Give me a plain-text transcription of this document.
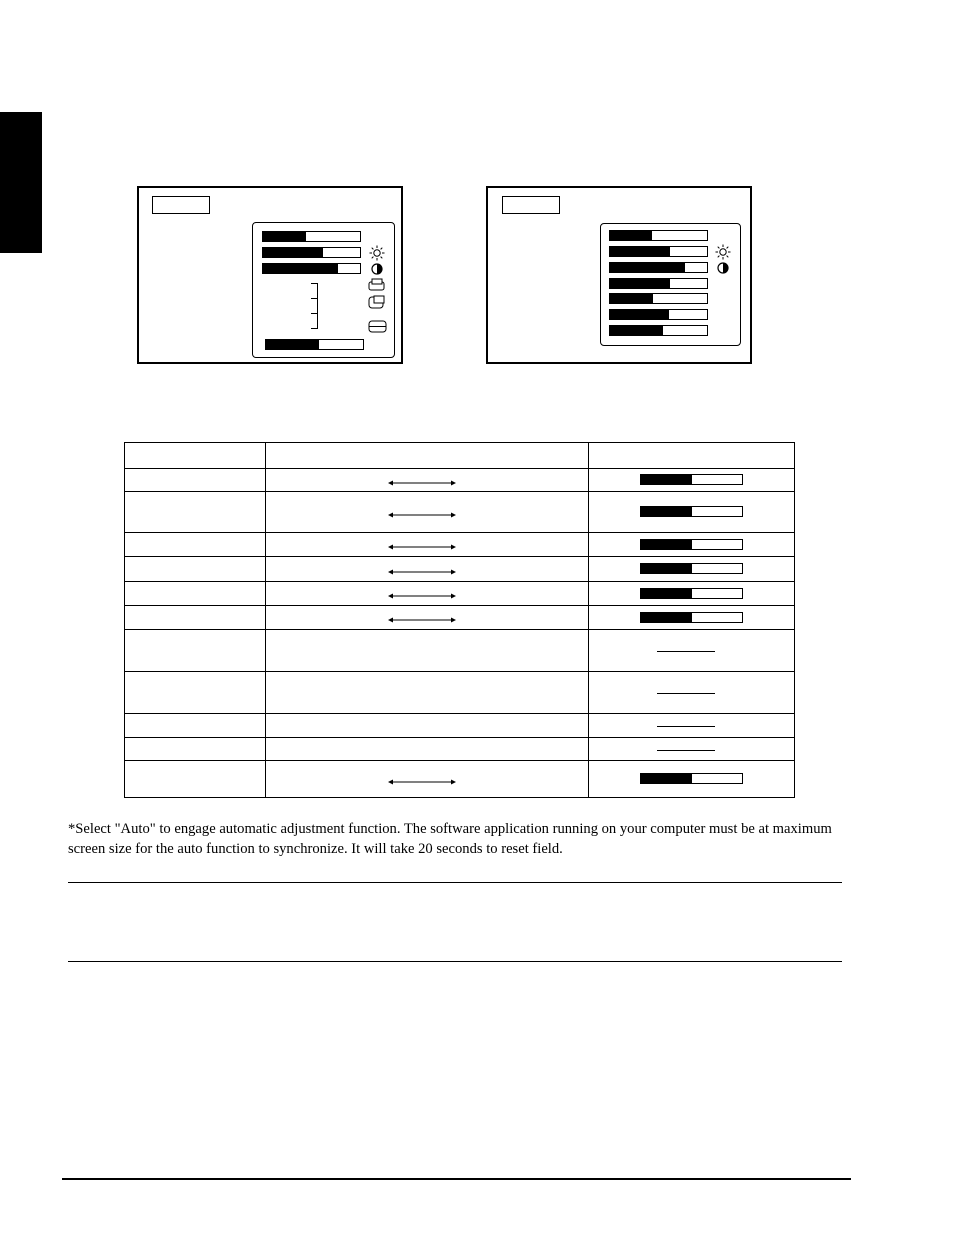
*Select "Auto" to engage automatic adjustment function. The software application running on your computer must be at maximum screen size for the auto function to synchronize. It will take 20 seconds to reset field.
